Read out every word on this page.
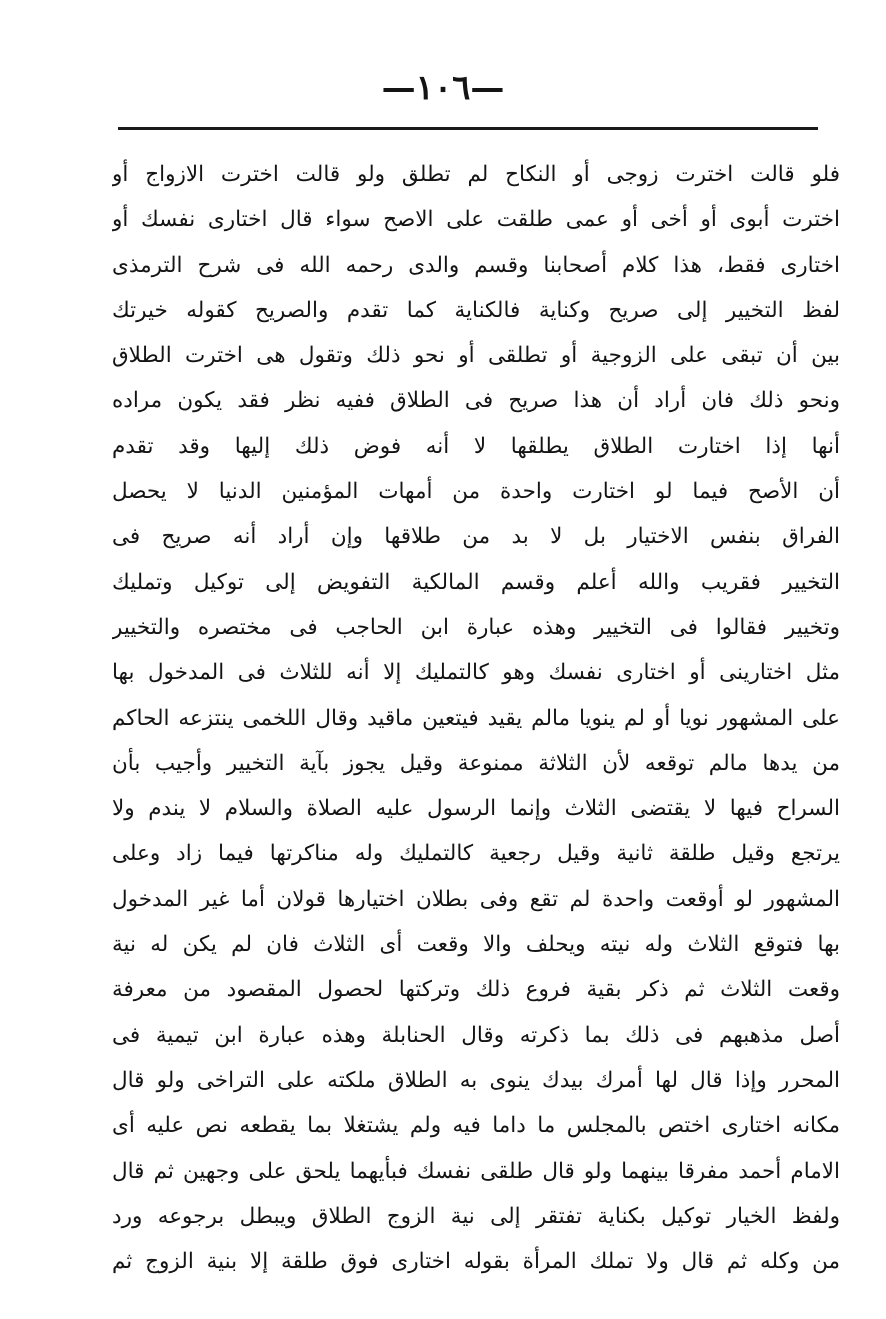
—١٠٦—
فلو قالت اخترت زوجى أو النكاح لم تطلق ولو قالت اخترت الازواج أو
اخترت أبوى أو أخى أو عمى طلقت على الاصح سواء قال اختارى نفسك أو
اختارى فقط، هذا كلام أصحابنا وقسم والدى رحمه الله فى شرح الترمذى
لفظ التخيير إلى صريح وكناية فالكناية كما تقدم والصريح كقوله خيرتك
بين أن تبقى على الزوجية أو تطلقى أو نحو ذلك وتقول هى اخترت الطلاق
ونحو ذلك فان أراد أن هذا صريح فى الطلاق ففيه نظر فقد يكون مراده
أنها إذا اختارت الطلاق يطلقها لا أنه فوض ذلك إليها وقد تقدم
أن الأصح فيما لو اختارت واحدة من أمهات المؤمنين الدنيا لا يحصل
الفراق بنفس الاختيار بل لا بد من طلاقها وإن أراد أنه صريح فى
التخيير فقريب والله أعلم وقسم المالكية التفويض إلى توكيل وتمليك
وتخيير فقالوا فى التخيير وهذه عبارة ابن الحاجب فى مختصره والتخيير
مثل اختارينى أو اختارى نفسك وهو كالتمليك إلا أنه للثلاث فى المدخول بها
على المشهور نويا أو لم ينويا مالم يقيد فيتعين ماقيد وقال اللخمى ينتزعه الحاكم
من يدها مالم توقعه لأن الثلاثة ممنوعة وقيل يجوز بآية التخيير وأجيب بأن
السراح فيها لا يقتضى الثلاث وإنما الرسول عليه الصلاة والسلام لا يندم ولا
يرتجع وقيل طلقة ثانية وقيل رجعية كالتمليك وله مناكرتها فيما زاد وعلى
المشهور لو أوقعت واحدة لم تقع وفى بطلان اختيارها قولان أما غير المدخول
بها فتوقع الثلاث وله نيته ويحلف والا وقعت أى الثلاث فان لم يكن له نية
وقعت الثلاث ثم ذكر بقية فروع ذلك وتركتها لحصول المقصود من معرفة
أصل مذهبهم فى ذلك بما ذكرته وقال الحنابلة وهذه عبارة ابن تيمية فى
المحرر وإذا قال لها أمرك بيدك ينوى به الطلاق ملكته على التراخى ولو قال
مكانه اختارى اختص بالمجلس ما داما فيه ولم يشتغلا بما يقطعه نص عليه أى
الامام أحمد مفرقا بينهما ولو قال طلقى نفسك فبأيهما يلحق على وجهين ثم قال
ولفظ الخيار توكيل بكناية تفتقر إلى نية الزوج الطلاق ويبطل برجوعه ورد
من وكله ثم قال ولا تملك المرأة بقوله اختارى فوق طلقة إلا بنية الزوج ثم
